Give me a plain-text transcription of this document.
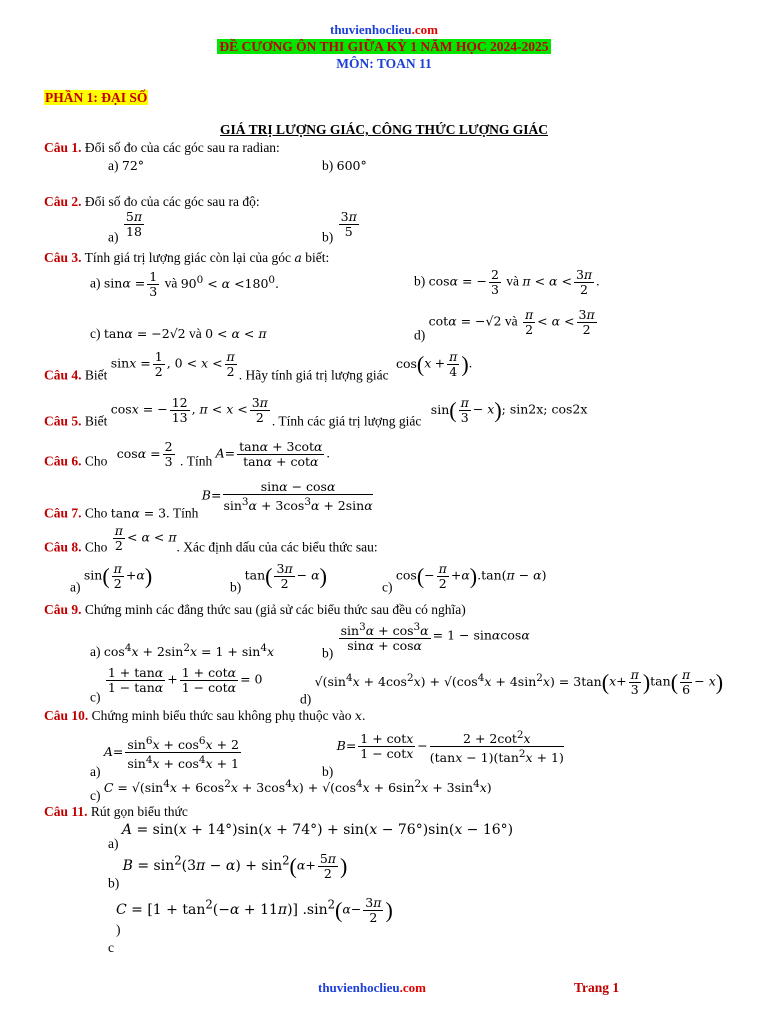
thuvienhoclieu.com
ĐỀ CƯƠNG ÔN THI GIỮA KỲ 1 NĂM HỌC 2024-2025
MÔN: TOAN 11
PHẦN 1: ĐẠI SỐ
GIÁ TRỊ LƯỢNG GIÁC, CÔNG THỨC LƯỢNG GIÁC
Câu 1. Đổi số đo của các góc sau ra radian:
a) 72°	b) 600°
Câu 2. Đổi số đo của các góc sau ra độ:
$a) \frac{5\pi}{18}$	$b) \frac{3\pi}{5}$
Câu 3. Tính giá trị lượng giác còn lại của góc a biết:
a) $\sin\alpha = \frac{1}{3}$ và $90^0 < \alpha <180^0$.	b) cosα = − $\frac{2}{3}$ và $\pi < \alpha < \frac{3\pi}{2}$ .
c) tanα = −2√2 và 0 < α < π	d) cotα = −√2 và $\frac{\pi}{2} < \alpha < \frac{3\pi}{2}$
Câu 4. Biết $\sin x = \frac{1}{2}$ , $0 < x < \frac{\pi}{2}$ . Hãy tính giá trị lượng giác $\cos(x + \frac{\pi}{4}$ ).
Câu 5. Biết cosx = − $\frac{12}{13}$ , $\pi < x < \frac{3\pi}{2}$ . Tính các giá trị lượng giác $\sin( \frac{\pi}{3} - x)$; sin2x; cos2x
Câu 6. Cho $\cos\alpha = \frac{2}{3}$ . Tính $A= \frac{\tan\alpha + 3\cot\alpha}{\tan\alpha + \cot\alpha}$ .
Câu 7. Cho tanα = 3. Tính $B= \frac{\sin\alpha - \cos\alpha}{\sin^3\alpha + 3\cos^3\alpha + 2\sin\alpha}$
Câu 8. Cho $\frac{\pi}{2} < \alpha < \pi$. Xác định dấu của các biểu thức sau:
a) $\sin( \frac{\pi}{2} +\alpha)$	b) $\tan( \frac{3\pi}{2} - \alpha)$	c) $\cos(- \frac{\pi}{2} +\alpha).\tan(\pi - \alpha)$
Câu 9. Chứng minh các đẳng thức sau (giả sử các biểu thức sau đều có nghĩa)
a) $\cos^4x + 2\sin^2x = 1 + \sin^4x$	b)
$\frac{\sin^3\alpha + \cos^3\alpha}{\sin\alpha + \cos\alpha} = 1 - \sin\alpha\cos\alpha$
c)
$\frac{1 + \tan\alpha}{1 - \tan\alpha} + \frac{1 + \cot\alpha}{1 - \cot\alpha} = 0$
d) $√(\sin^4x + 4\cos^2x) + √(\cos^4x + 4\sin^2x) = 3\tan(x+ \frac{\pi}{3} )\tan( \frac{\pi}{6} - x)$
Câu 10. Chứng minh biểu thức sau không phụ thuộc vào x.
a) $A= \frac{\sin^6x + \cos^6x + 2}{\sin^4x + \cos^4x + 1}$	b) $B= \frac{1 + \cot x}{1 - \cot x} - \frac{2 + 2\cot^2x}{(\tan x - 1)(\tan^2x + 1)}$
c) $C = √(\sin^4x + 6\cos^2x + 3\cos^4x) + √(\cos^4x + 6\sin^2x + 3\sin^4x)$
Câu 11. Rút gọn biểu thức
a) A = sin(x + 14°)sin(x + 74°) + sin(x − 76°)sin(x − 16°)
b) $B = \sin^2(3\pi - \alpha) + \sin^2(\alpha+ \frac{5\pi}{2}$ )
$C = [1 + \tan^2(-\alpha + 11\pi)]$ $.\sin^2(\alpha- \frac{3\pi}{2}$ )
)
c
thuvienhoclieu.com	Trang 1
